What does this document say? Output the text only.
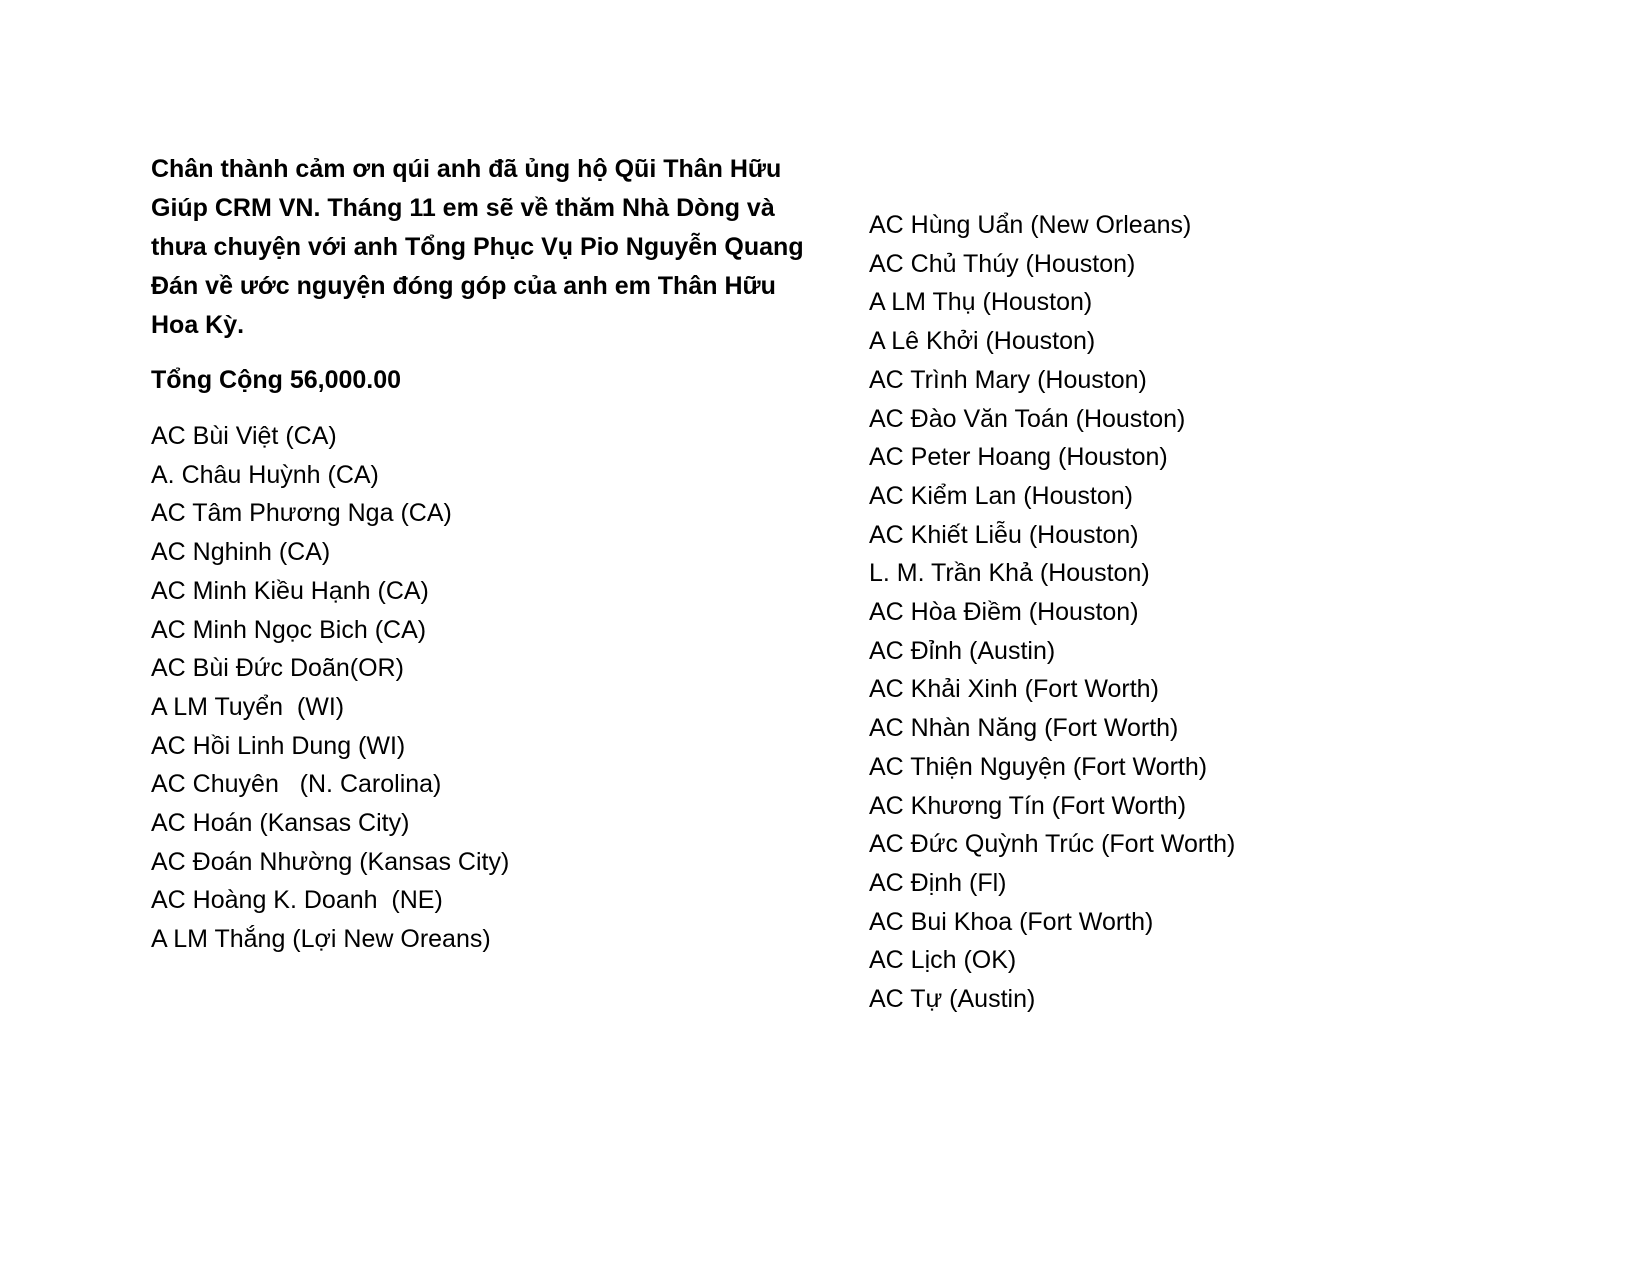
Chân thành cảm ơn qúi anh đã ủng hộ Qũi Thân Hữu Giúp CRM VN. Tháng 11 em sẽ về thăm Nhà Dòng và thưa chuyện với anh Tổng Phục Vụ Pio Nguyễn Quang Đán về ước nguyện đóng góp của anh em Thân Hữu Hoa Kỳ.

Tổng Cộng 56,000.00

AC Bùi Việt (CA)
A. Châu Huỳnh (CA)
AC Tâm Phương Nga (CA)
AC Nghinh (CA)
AC Minh Kiều Hạnh (CA)
AC Minh Ngọc Bich (CA)
AC Bùi Đức Doãn(OR)
A LM Tuyển  (WI)
AC Hồi Linh Dung (WI)
AC Chuyên   (N. Carolina)
AC Hoán (Kansas City)
AC Đoán Nhường (Kansas City)
AC Hoàng K. Doanh  (NE)
A LM Thắng (Lợi New Oreans)
AC Hùng Uẩn (New Orleans)
AC Chủ Thúy (Houston)
A LM Thụ (Houston)
A Lê Khởi (Houston)
AC Trình Mary (Houston)
AC Đào Văn Toán (Houston)
AC Peter Hoang (Houston)
AC Kiểm Lan (Houston)
AC Khiết Liễu (Houston)
L. M. Trần Khả (Houston)
AC Hòa Điềm (Houston)
AC Đỉnh (Austin)
AC Khải Xinh (Fort Worth)
AC Nhàn Năng (Fort Worth)
AC Thiện Nguyện (Fort Worth)
AC Khương Tín (Fort Worth)
AC Đức Quỳnh Trúc (Fort Worth)
AC Định (Fl)
AC Bui Khoa (Fort Worth)
AC Lịch (OK)
AC Tự (Austin)
